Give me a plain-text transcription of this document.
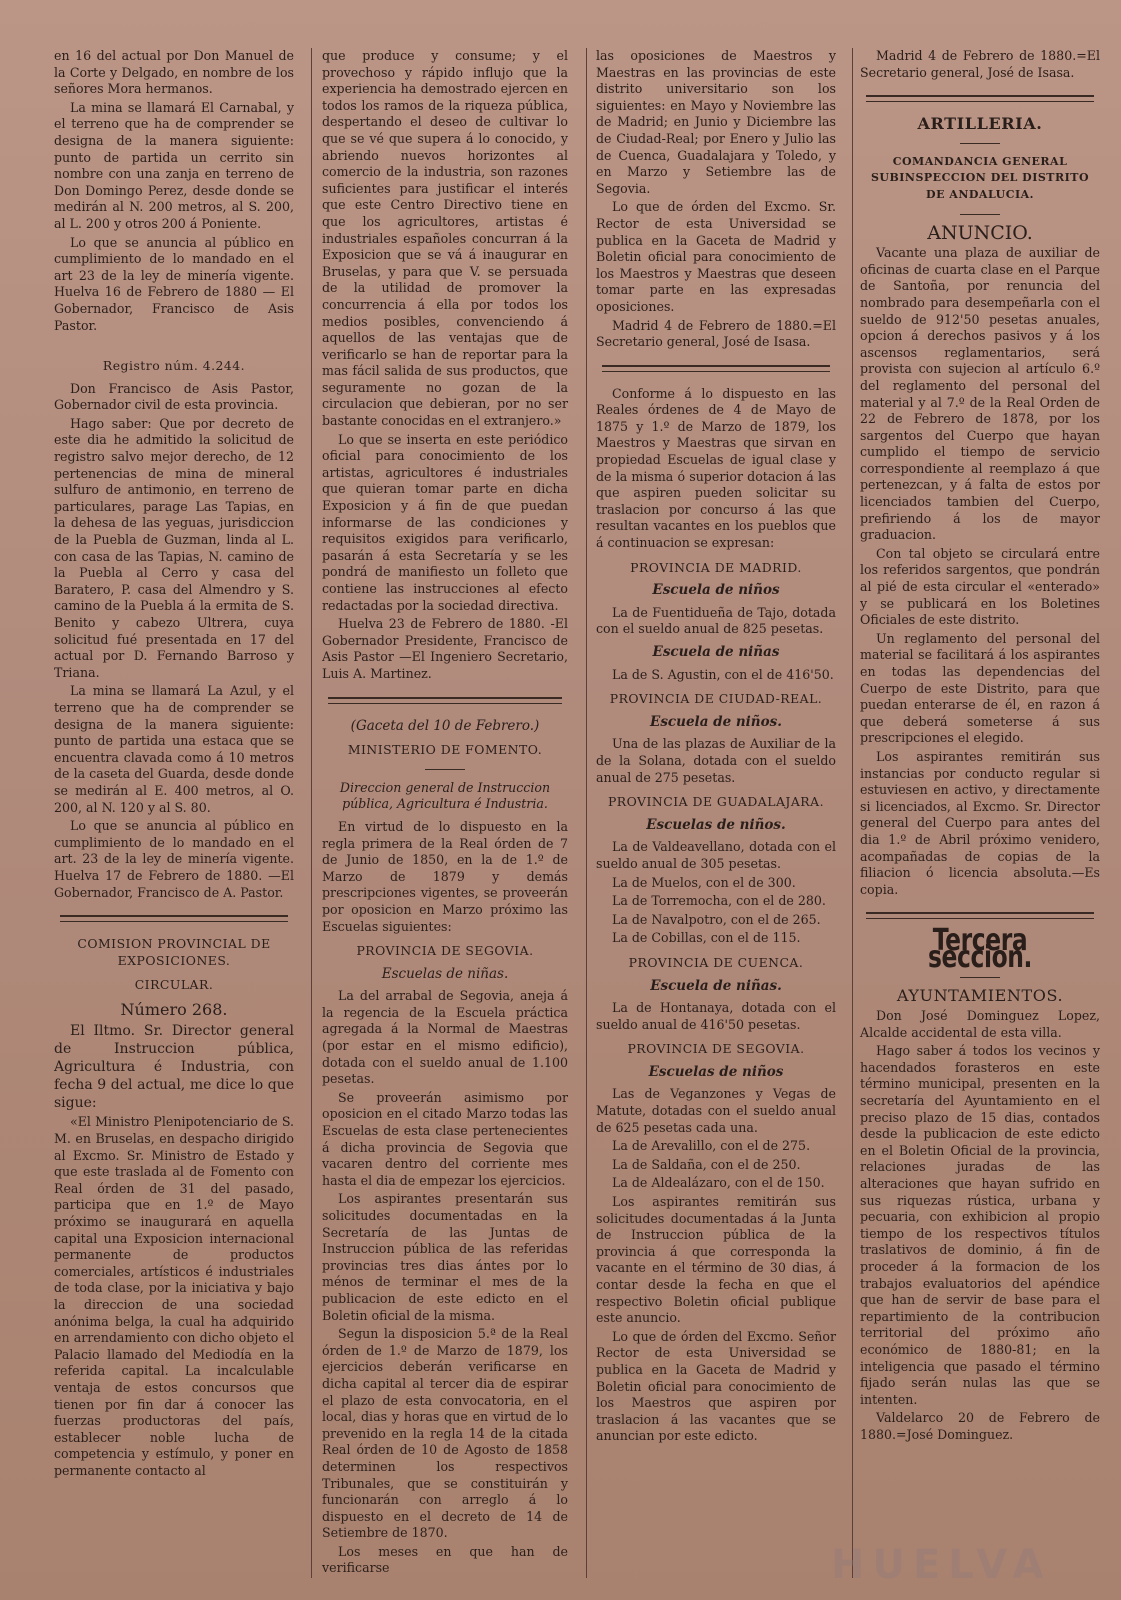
en 16 del actual por Don Manuel de la Corte y Delgado, en nombre de los señores Mora hermanos.

La mina se llamará El Carnabal, y el terreno que ha de comprender se designa de la manera siguiente: punto de partida un cerrito sin nombre con una zanja en terreno de Don Domingo Perez, desde donde se medirán al N. 200 metros, al S. 200, al L. 200 y otros 200 á Poniente.

Lo que se anuncia al público en cumplimiento de lo mandado en el art 23 de la ley de minería vigente. Huelva 16 de Febrero de 1880 — El Gobernador, Francisco de Asis Pastor.

Registro núm. 4.244.

Don Francisco de Asis Pastor, Gobernador civil de esta provincia.

Hago saber: Que por decreto de este dia he admitido la solicitud de registro salvo mejor derecho, de 12 pertenencias de mina de mineral sulfuro de antimonio, en terreno de particulares, parage Las Tapias, en la dehesa de las yeguas, jurisdiccion de la Puebla de Guzman, linda al L. con casa de las Tapias, N. camino de la Puebla al Cerro y casa del Baratero, P. casa del Almendro y S. camino de la Puebla á la ermita de S. Benito y cabezo Ultrera, cuya solicitud fué presentada en 17 del actual por D. Fernando Barroso y Triana.

La mina se llamará La Azul, y el terreno que ha de comprender se designa de la manera siguiente: punto de partida una estaca que se encuentra clavada como á 10 metros de la caseta del Guarda, desde donde se medirán al E. 400 metros, al O. 200, al N. 120 y al S. 80.

Lo que se anuncia al público en cumplimiento de lo mandado en el art. 23 de la ley de minería vigente. Huelva 17 de Febrero de 1880. —El Gobernador, Francisco de A. Pastor.

COMISION PROVINCIAL DE EXPOSICIONES.
CIRCULAR.
Número 268.

El Iltmo. Sr. Director general de Instruccion pública, Agricultura é Industria, con fecha 9 del actual, me dice lo que sigue:

«El Ministro Plenipotenciario de S. M. en Bruselas, en despacho dirigido al Excmo. Sr. Ministro de Estado y que este traslada al de Fomento con Real órden de 31 del pasado, participa que en 1.º de Mayo próximo se inaugurará en aquella capital una Exposicion internacional permanente de productos comerciales, artísticos é industriales de toda clase, por la iniciativa y bajo la direccion de una sociedad anónima belga, la cual ha adquirido en arrendamiento con dicho objeto el Palacio llamado del Mediodía en la referida capital. La incalculable ventaja de estos concursos que tienen por fin dar á conocer las fuerzas productoras del país, establecer noble lucha de competencia y estímulo, y poner en permanente contacto al

que produce y consume; y el provechoso y rápido influjo que la experiencia ha demostrado ejercen en todos los ramos de la riqueza pública, despertando el deseo de cultivar lo que se vé que supera á lo conocido, y abriendo nuevos horizontes al comercio de la industria, son razones suficientes para justificar el interés que este Centro Directivo tiene en que los agricultores, artistas é industriales españoles concurran á la Exposicion que se vá á inaugurar en Bruselas, y para que V. se persuada de la utilidad de promover la concurrencia á ella por todos los medios posibles, convenciendo á aquellos de las ventajas que de verificarlo se han de reportar para la mas fácil salida de sus productos, que seguramente no gozan de la circulacion que debieran, por no ser bastante conocidas en el extranjero.»

Lo que se inserta en este periódico oficial para conocimiento de los artistas, agricultores é industriales que quieran tomar parte en dicha Exposicion y á fin de que puedan informarse de las condiciones y requisitos exigidos para verificarlo, pasarán á esta Secretaría y se les pondrá de manifiesto un folleto que contiene las instrucciones al efecto redactadas por la sociedad directiva.

Huelva 23 de Febrero de 1880. -El Gobernador Presidente, Francisco de Asis Pastor —El Ingeniero Secretario, Luis A. Martinez.

(Gaceta del 10 de Febrero.)
MINISTERIO DE FOMENTO.
Direccion general de Instruccion pública, Agricultura é Industria.

En virtud de lo dispuesto en la regla primera de la Real órden de 7 de Junio de 1850, en la de 1.º de Marzo de 1879 y demás prescripciones vigentes, se proveerán por oposicion en Marzo próximo las Escuelas siguientes:

PROVINCIA DE SEGOVIA.
Escuelas de niñas.

La del arrabal de Segovia, aneja á la regencia de la Escuela práctica agregada á la Normal de Maestras (por estar en el mismo edificio), dotada con el sueldo anual de 1.100 pesetas.

Se proveerán asimismo por oposicion en el citado Marzo todas las Escuelas de esta clase pertenecientes á dicha provincia de Segovia que vacaren dentro del corriente mes hasta el dia de empezar los ejercicios.

Los aspirantes presentarán sus solicitudes documentadas en la Secretaría de las Juntas de Instruccion pública de las referidas provincias tres dias ántes por lo ménos de terminar el mes de la publicacion de este edicto en el Boletin oficial de la misma.

Segun la disposicion 5.ª de la Real órden de 1.º de Marzo de 1879, los ejercicios deberán verificarse en dicha capital al tercer dia de espirar el plazo de esta convocatoria, en el local, dias y horas que en virtud de lo prevenido en la regla 14 de la citada Real órden de 10 de Agosto de 1858 determinen los respectivos Tribunales, que se constituirán y funcionarán con arreglo á lo dispuesto en el decreto de 14 de Setiembre de 1870.

Los meses en que han de verificarse

las oposiciones de Maestros y Maestras en las provincias de este distrito universitario son los siguientes: en Mayo y Noviembre las de Madrid; en Junio y Diciembre las de Ciudad-Real; por Enero y Julio las de Cuenca, Guadalajara y Toledo, y en Marzo y Setiembre las de Segovia.

Lo que de órden del Excmo. Sr. Rector de esta Universidad se publica en la Gaceta de Madrid y Boletin oficial para conocimiento de los Maestros y Maestras que deseen tomar parte en las expresadas oposiciones.

Madrid 4 de Febrero de 1880.=El Secretario general, José de Isasa.

Conforme á lo dispuesto en las Reales órdenes de 4 de Mayo de 1875 y 1.º de Marzo de 1879, los Maestros y Maestras que sirvan en propiedad Escuelas de igual clase y de la misma ó superior dotacion á las que aspiren pueden solicitar su traslacion por concurso á las que resultan vacantes en los pueblos que á continuacion se expresan:

PROVINCIA DE MADRID.
Escuela de niños

La de Fuentidueña de Tajo, dotada con el sueldo anual de 825 pesetas.

Escuela de niñas

La de S. Agustin, con el de 416'50.

PROVINCIA DE CIUDAD-REAL.
Escuela de niños.

Una de las plazas de Auxiliar de la de la Solana, dotada con el sueldo anual de 275 pesetas.

PROVINCIA DE GUADALAJARA.
Escuelas de niños.

La de Valdeavellano, dotada con el sueldo anual de 305 pesetas.

La de Muelos, con el de 300.

La de Torremocha, con el de 280.

La de Navalpotro, con el de 265.

La de Cobillas, con el de 115.

PROVINCIA DE CUENCA.
Escuela de niñas.

La de Hontanaya, dotada con el sueldo anual de 416'50 pesetas.

PROVINCIA DE SEGOVIA.
Escuelas de niños

Las de Veganzones y Vegas de Matute, dotadas con el sueldo anual de 625 pesetas cada una.

La de Arevalillo, con el de 275.

La de Saldaña, con el de 250.

La de Aldealázaro, con el de 150.

Los aspirantes remitirán sus solicitudes documentadas á la Junta de Instruccion pública de la provincia á que corresponda la vacante en el término de 30 dias, á contar desde la fecha en que el respectivo Boletin oficial publique este anuncio.

Lo que de órden del Excmo. Señor Rector de esta Universidad se publica en la Gaceta de Madrid y Boletin oficial para conocimiento de los Maestros que aspiren por traslacion á las vacantes que se anuncian por este edicto.

Madrid 4 de Febrero de 1880.=El Secretario general, José de Isasa.

ARTILLERIA.
COMANDANCIA GENERAL SUBINSPECCION DEL DISTRITO DE ANDALUCIA.
ANUNCIO.

Vacante una plaza de auxiliar de oficinas de cuarta clase en el Parque de Santoña, por renuncia del nombrado para desempeñarla con el sueldo de 912'50 pesetas anuales, opcion á derechos pasivos y á los ascensos reglamentarios, será provista con sujecion al artículo 6.º del reglamento del personal del material y al 7.º de la Real Orden de 22 de Febrero de 1878, por los sargentos del Cuerpo que hayan cumplido el tiempo de servicio correspondiente al reemplazo á que pertenezcan, y á falta de estos por licenciados tambien del Cuerpo, prefiriendo á los de mayor graduacion.

Con tal objeto se circulará entre los referidos sargentos, que pondrán al pié de esta circular el «enterado» y se publicará en los Boletines Oficiales de este distrito.

Un reglamento del personal del material se facilitará á los aspirantes en todas las dependencias del Cuerpo de este Distrito, para que puedan enterarse de él, en razon á que deberá someterse á sus prescripciones el elegido.

Los aspirantes remitirán sus instancias por conducto regular si estuviesen en activo, y directamente si licenciados, al Excmo. Sr. Director general del Cuerpo para antes del dia 1.º de Abril próximo venidero, acompañadas de copias de la filiacion ó licencia absoluta.—Es copia.

Tercera seccion.
AYUNTAMIENTOS.

Don José Dominguez Lopez, Alcalde accidental de esta villa.

Hago saber á todos los vecinos y hacendados forasteros en este término municipal, presenten en la secretaría del Ayuntamiento en el preciso plazo de 15 dias, contados desde la publicacion de este edicto en el Boletin Oficial de la provincia, relaciones juradas de las alteraciones que hayan sufrido en sus riquezas rústica, urbana y pecuaria, con exhibicion al propio tiempo de los respectivos títulos traslativos de dominio, á fin de proceder á la formacion de los trabajos evaluatorios del apéndice que han de servir de base para el repartimiento de la contribucion territorial del próximo año económico de 1880-81; en la inteligencia que pasado el término fijado serán nulas las que se intenten.

Valdelarco 20 de Febrero de 1880.=José Dominguez.

HUELVA
